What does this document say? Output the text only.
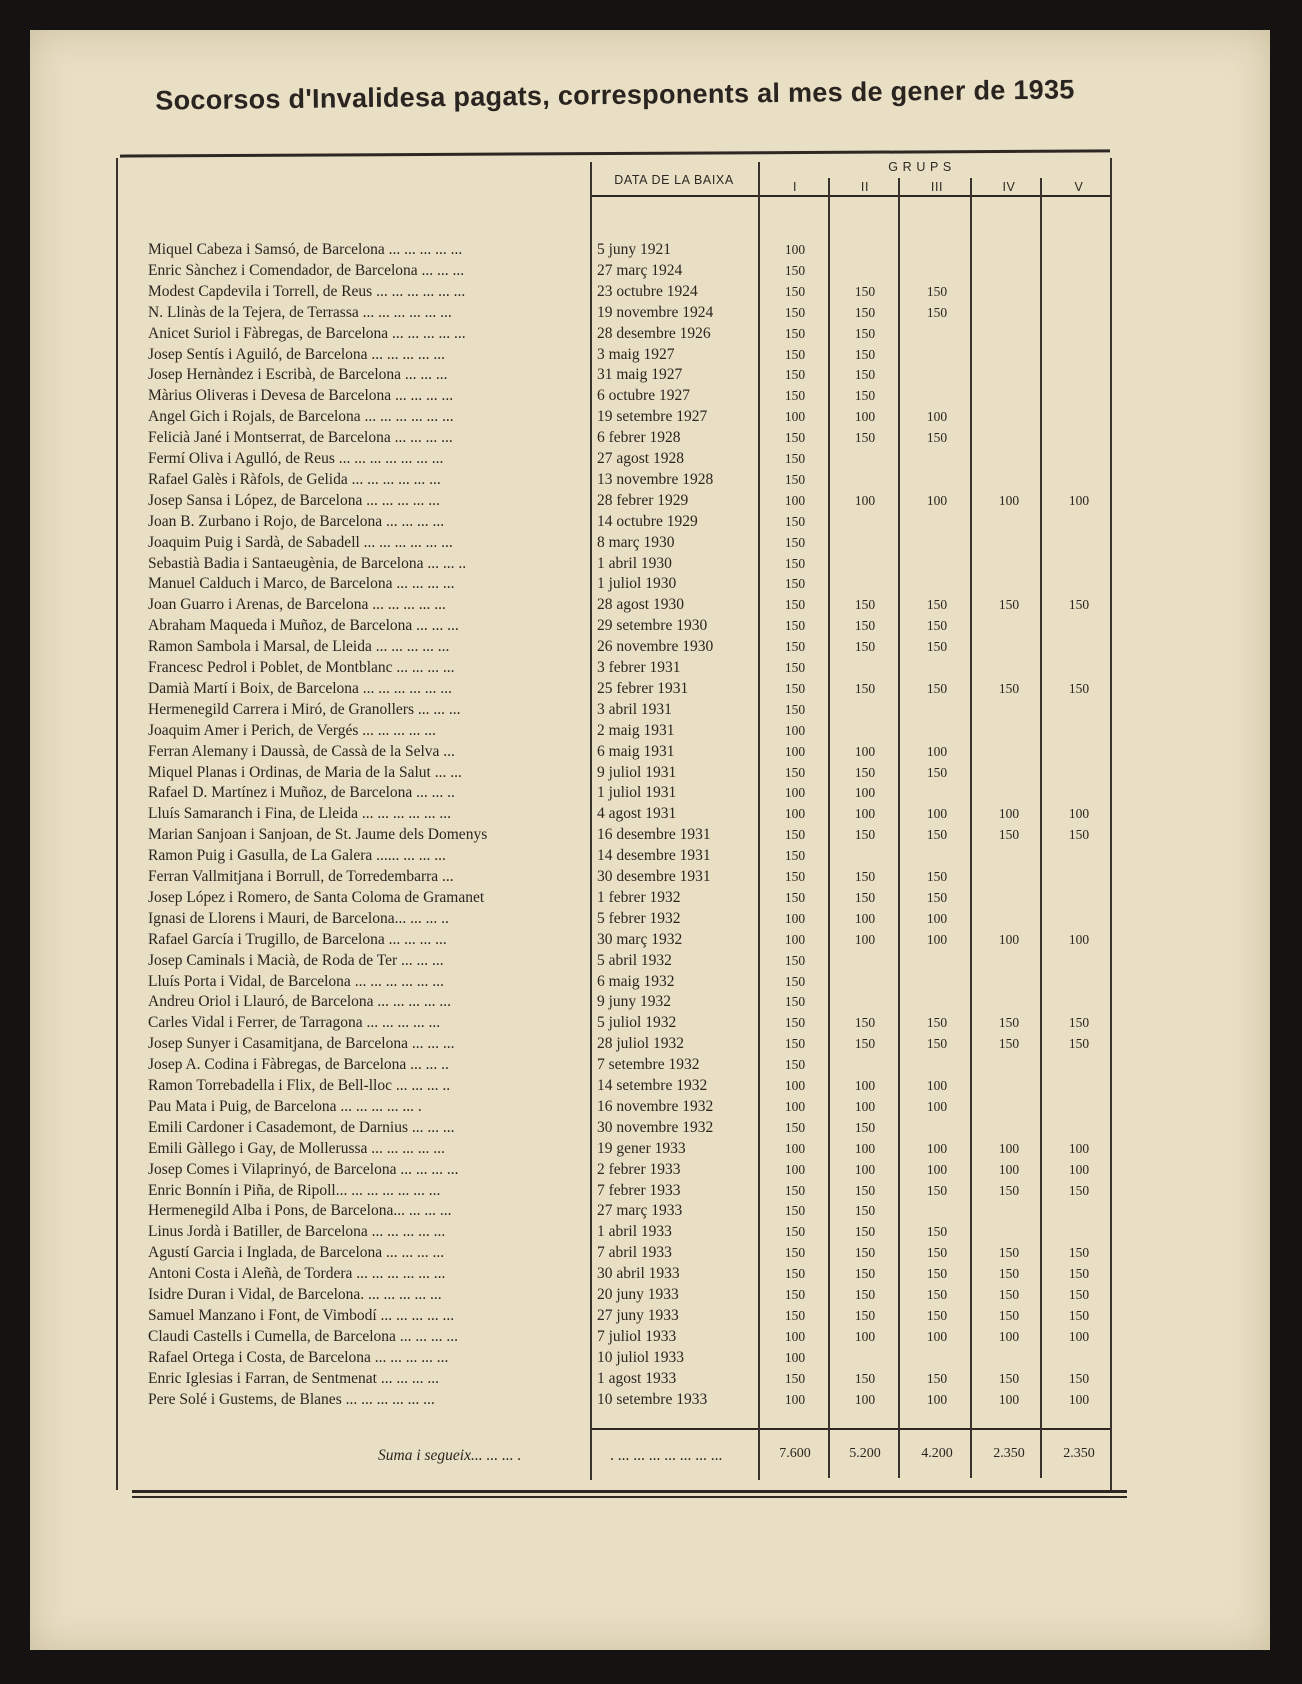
Socorsos d'Invalidesa pagats, corresponents al mes de gener de 1935
DATA DE LA BAIXA
G R U P S
I	II	III	IV	V
Miquel Cabeza i Samsó, de Barcelona ... ... ... ... ...	5 juny 1921	100
Enric Sànchez i Comendador, de Barcelona ... ... ...	27 març 1924	150
Modest Capdevila i Torrell, de Reus ... ... ... ... ... ...	23 octubre 1924	150	150	150
N. Llinàs de la Tejera, de Terrassa ... ... ... ... ... ...	19 novembre 1924	150	150	150
Anicet Suriol i Fàbregas, de Barcelona ... ... ... ... ...	28 desembre 1926	150	150
Josep Sentís i Aguiló, de Barcelona ... ... ... ... ...	3 maig 1927	150	150
Josep Hernàndez i Escribà, de Barcelona ... ... ...	31 maig 1927	150	150
Màrius Oliveras i Devesa de Barcelona ... ... ... ...	6 octubre 1927	150	150
Angel Gich i Rojals, de Barcelona ... ... ... ... ... ...	19 setembre 1927	100	100	100
Felicià Jané i Montserrat, de Barcelona ... ... ... ...	6 febrer 1928	150	150	150
Fermí Oliva i Agulló, de Reus ... ... ... ... ... ... ...	27 agost 1928	150
Rafael Galès i Ràfols, de Gelida ... ... ... ... ... ...	13 novembre 1928	150
Josep Sansa i López, de Barcelona ... ... ... ... ...	28 febrer 1929	100	100	100	100	100
Joan B. Zurbano i Rojo, de Barcelona ... ... ... ...	14 octubre 1929	150
Joaquim Puig i Sardà, de Sabadell ... ... ... ... ... ...	8 març 1930	150
Sebastià Badia i Santaeugènia, de Barcelona ... ... ..	1 abril 1930	150
Manuel Calduch i Marco, de Barcelona ... ... ... ...	1 juliol 1930	150
Joan Guarro i Arenas, de Barcelona ... ... ... ... ...	28 agost 1930	150	150	150	150	150
Abraham Maqueda i Muñoz, de Barcelona ... ... ...	29 setembre 1930	150	150	150
Ramon Sambola i Marsal, de Lleida ... ... ... ... ...	26 novembre 1930	150	150	150
Francesc Pedrol i Poblet, de Montblanc ... ... ... ...	3 febrer 1931	150
Damià Martí i Boix, de Barcelona ... ... ... ... ... ...	25 febrer 1931	150	150	150	150	150
Hermenegild Carrera i Miró, de Granollers ... ... ...	3 abril 1931	150
Joaquim Amer i Perich, de Vergés ... ... ... ... ...	2 maig 1931	100
Ferran Alemany i Daussà, de Cassà de la Selva ...	6 maig 1931	100	100	100
Miquel Planas i Ordinas, de Maria de la Salut ... ...	9 juliol 1931	150	150	150
Rafael D. Martínez i Muñoz, de Barcelona ... ... ..	1 juliol 1931	100	100
Lluís Samaranch i Fina, de Lleida ... ... ... ... ... ...	4 agost 1931	100	100	100	100	100
Marian Sanjoan i Sanjoan, de St. Jaume dels Domenys	16 desembre 1931	150	150	150	150	150
Ramon Puig i Gasulla, de La Galera ...... ... ... ...	14 desembre 1931	150
Ferran Vallmitjana i Borrull, de Torredembarra ...	30 desembre 1931	150	150	150
Josep López i Romero, de Santa Coloma de Gramanet	1 febrer 1932	150	150	150
Ignasi de Llorens i Mauri, de Barcelona... ... ... ..	5 febrer 1932	100	100	100
Rafael García i Trugillo, de Barcelona ... ... ... ...	30 març 1932	100	100	100	100	100
Josep Caminals i Macià, de Roda de Ter ... ... ...	5 abril 1932	150
Lluís Porta i Vidal, de Barcelona ... ... ... ... ... ...	6 maig 1932	150
Andreu Oriol i Llauró, de Barcelona ... ... ... ... ...	9 juny 1932	150
Carles Vidal i Ferrer, de Tarragona ... ... ... ... ...	5 juliol 1932	150	150	150	150	150
Josep Sunyer i Casamitjana, de Barcelona ... ... ...	28 juliol 1932	150	150	150	150	150
Josep A. Codina i Fàbregas, de Barcelona ... ... ..	7 setembre 1932	150
Ramon Torrebadella i Flix, de Bell-lloc ... ... ... ..	14 setembre 1932	100	100	100
Pau Mata i Puig, de Barcelona ... ... ... ... ... .	16 novembre 1932	100	100	100
Emili Cardoner i Casademont, de Darnius ... ... ...	30 novembre 1932	150	150
Emili Gàllego i Gay, de Mollerussa ... ... ... ... ...	19 gener 1933	100	100	100	100	100
Josep Comes i Vilaprinyó, de Barcelona ... ... ... ...	2 febrer 1933	100	100	100	100	100
Enric Bonnín i Piña, de Ripoll... ... ... ... ... ... ...	7 febrer 1933	150	150	150	150	150
Hermenegild Alba i Pons, de Barcelona... ... ... ...	27 març 1933	150	150
Linus Jordà i Batiller, de Barcelona ... ... ... ... ...	1 abril 1933	150	150	150
Agustí Garcia i Inglada, de Barcelona ... ... ... ...	7 abril 1933	150	150	150	150	150
Antoni Costa i Aleñà, de Tordera ... ... ... ... ... ...	30 abril 1933	150	150	150	150	150
Isidre Duran i Vidal, de Barcelona. ... ... ... ... ...	20 juny 1933	150	150	150	150	150
Samuel Manzano i Font, de Vimbodí ... ... ... ... ...	27 juny 1933	150	150	150	150	150
Claudi Castells i Cumella, de Barcelona ... ... ... ...	7 juliol 1933	100	100	100	100	100
Rafael Ortega i Costa, de Barcelona ... ... ... ... ...	10 juliol 1933	100
Enric Iglesias i Farran, de Sentmenat ... ... ... ...	1 agost 1933	150	150	150	150	150
Pere Solé i Gustems, de Blanes ... ... ... ... ... ...	10 setembre 1933	100	100	100	100	100
Suma i segueix... ... ... .	. ... ... ... ... ... ... ...	7.600	5.200	4.200	2.350	2.350
